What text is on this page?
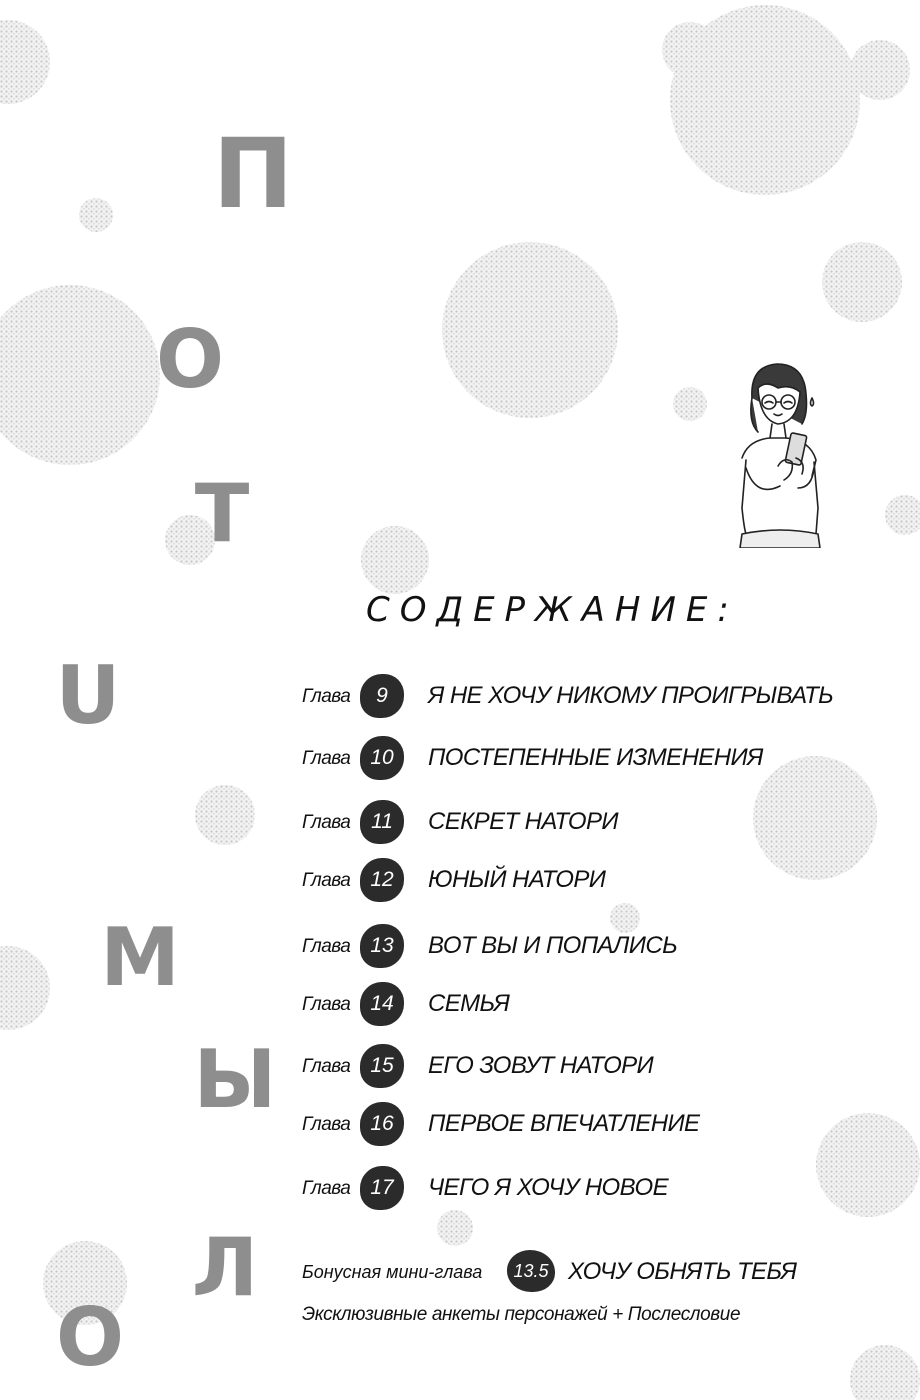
П
О
Т
U
М
Ы
Л
О
СОДЕРЖАНИЕ:
Глава	9	Я НЕ ХОЧУ НИКОМУ ПРОИГРЫВАТЬ
Глава 10	ПОСТЕПЕННЫЕ ИЗМЕНЕНИЯ
Глава 11	СЕКРЕТ НАТОРИ
Глава 12	ЮНЫЙ НАТОРИ
Глава 13	ВОТ ВЫ И ПОПАЛИСЬ
Глава 14	СЕМЬЯ
Глава 15	ЕГО ЗОВУТ НАТОРИ
Глава 16	ПЕРВОЕ ВПЕЧАТЛЕНИЕ
Глава 17	ЧЕГО Я ХОЧУ НОВОЕ
Бонусная мини-глава	13.5 ХОЧУ ОБНЯТЬ ТЕБЯ
Эксклюзивные анкеты персонажей + Послесловие
